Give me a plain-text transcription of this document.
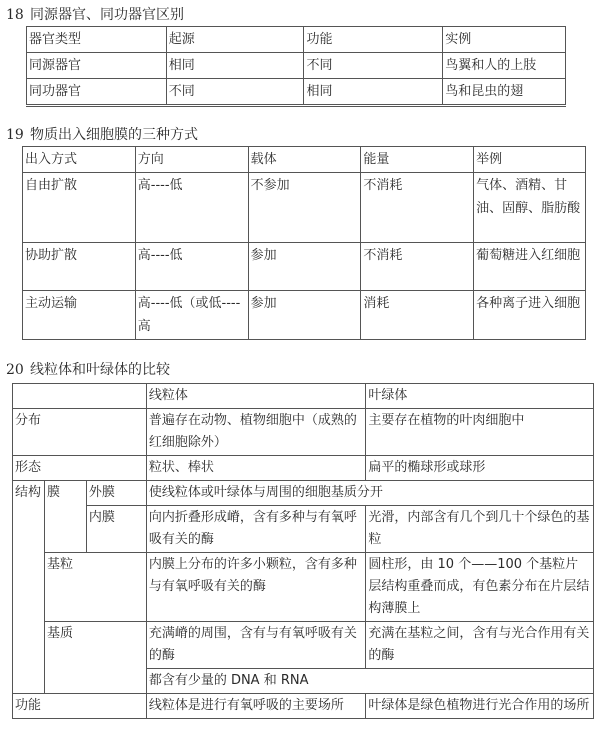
18 同源器官、同功器官区别
器官类型	起源	功能	实例
同源器官	相同	不同	鸟翼和人的上肢
同功器官	不同	相同	鸟和昆虫的翅
19 物质出入细胞膜的三种方式
出入方式	方向	载体	能量	举例
自由扩散	高----低	不参加	不消耗	气体、酒精、甘油、固醇、脂肪酸
协助扩散	高----低	参加	不消耗	葡萄糖进入红细胞
主动运输	高----低（或低----高	参加	消耗	各种离子进入细胞
20 线粒体和叶绿体的比较
			线粒体	叶绿体
分布			普遍存在动物、植物细胞中（成熟的红细胞除外）	主要存在植物的叶肉细胞中
形态			粒状、棒状	扁平的椭球形或球形
结构	膜	外膜	使线粒体或叶绿体与周围的细胞基质分开	
		内膜	向内折叠形成嵴，含有多种与有氧呼吸有关的酶	光滑，内部含有几个到几十个绿色的基粒
	基粒		内膜上分布的许多小颗粒，含有多种与有氧呼吸有关的酶	圆柱形，由 10 个——100 个基粒片层结构重叠而成，有色素分布在片层结构薄膜上
	基质		充满嵴的周围，含有与有氧呼吸有关的酶	充满在基粒之间，含有与光合作用有关的酶
			都含有少量的 DNA 和 RNA	
功能			线粒体是进行有氧呼吸的主要场所	叶绿体是绿色植物进行光合作用的场所
